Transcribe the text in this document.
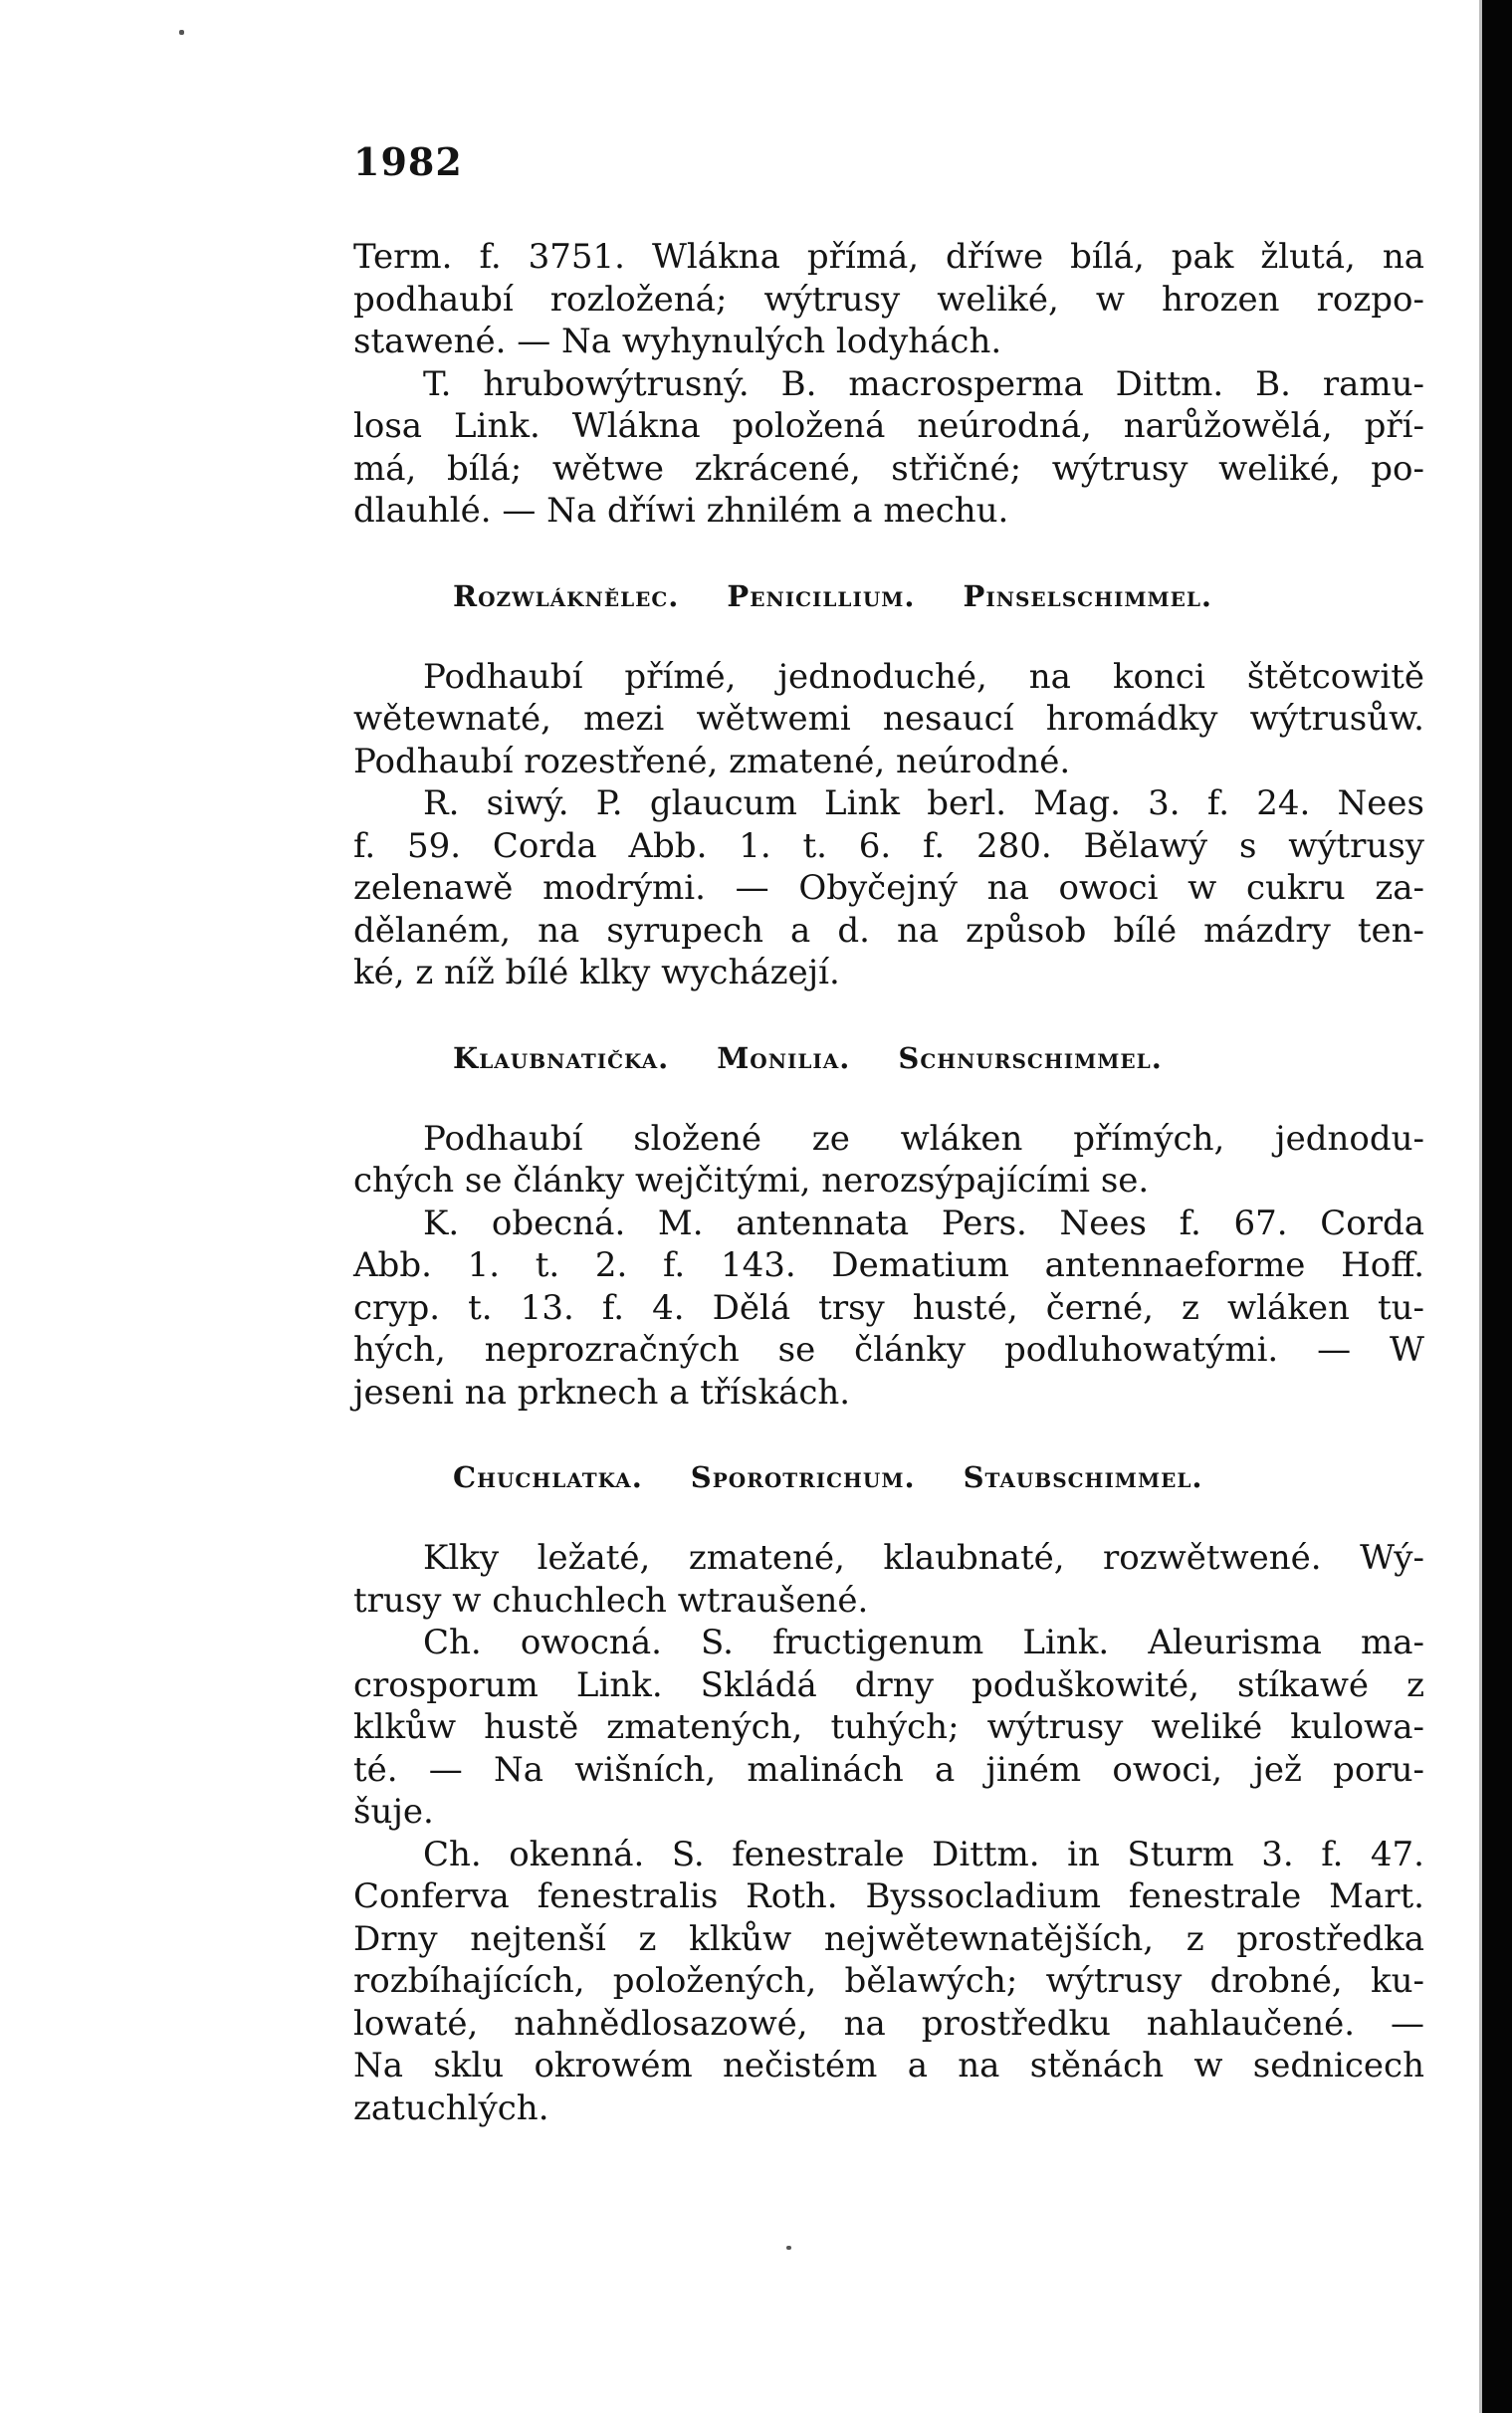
1982
Term. f. 3751. Wlákna přímá, dříwe bílá, pak žlutá, na
podhaubí rozložená; wýtrusy weliké, w hrozen rozpo-
stawené. — Na wyhynulých lodyhách.
T. hrubowýtrusný. B. macrosperma Dittm. B. ramu-
losa Link. Wlákna položená neúrodná, narůžowělá, pří-
má, bílá; wětwe zkrácené, střičné; wýtrusy weliké, po-
dlauhlé. — Na dříwi zhnilém a mechu.
Rozwláknělec. Penicillium. Pinselschimmel.
Podhaubí přímé, jednoduché, na konci štětcowitě
wětewnaté, mezi wětwemi nesaucí hromádky wýtrusůw.
Podhaubí rozestřené, zmatené, neúrodné.
R. siwý. P. glaucum Link berl. Mag. 3. f. 24. Nees
f. 59. Corda Abb. 1. t. 6. f. 280. Bělawý s wýtrusy
zelenawě modrými. — Obyčejný na owoci w cukru za-
dělaném, na syrupech a d. na způsob bílé mázdry ten-
ké, z níž bílé klky wycházejí.
Klaubnatička. Monilia. Schnurschimmel.
Podhaubí složené ze wláken přímých, jednodu-
chých se články wejčitými, nerozsýpajícími se.
K. obecná. M. antennata Pers. Nees f. 67. Corda
Abb. 1. t. 2. f. 143. Dematium antennaeforme Hoff.
cryp. t. 13. f. 4. Dělá trsy husté, černé, z wláken tu-
hých, neprozračných se články podluhowatými. — W
jeseni na prknech a třískách.
Chuchlatka. Sporotrichum. Staubschimmel.
Klky ležaté, zmatené, klaubnaté, rozwětwené. Wý-
trusy w chuchlech wtraušené.
Ch. owocná. S. fructigenum Link. Aleurisma ma-
crosporum Link. Skládá drny poduškowité, stíkawé z
klkůw hustě zmatených, tuhých; wýtrusy weliké kulowa-
té. — Na wišních, malinách a jiném owoci, jež poru-
šuje.
Ch. okenná. S. fenestrale Dittm. in Sturm 3. f. 47.
Conferva fenestralis Roth. Byssocladium fenestrale Mart.
Drny nejtenší z klkůw nejwětewnatějších, z prostředka
rozbíhajících, položených, bělawých; wýtrusy drobné, ku-
lowaté, nahnědlosazowé, na prostředku nahlaučené. —
Na sklu okrowém nečistém a na stěnách w sednicech
zatuchlých.
